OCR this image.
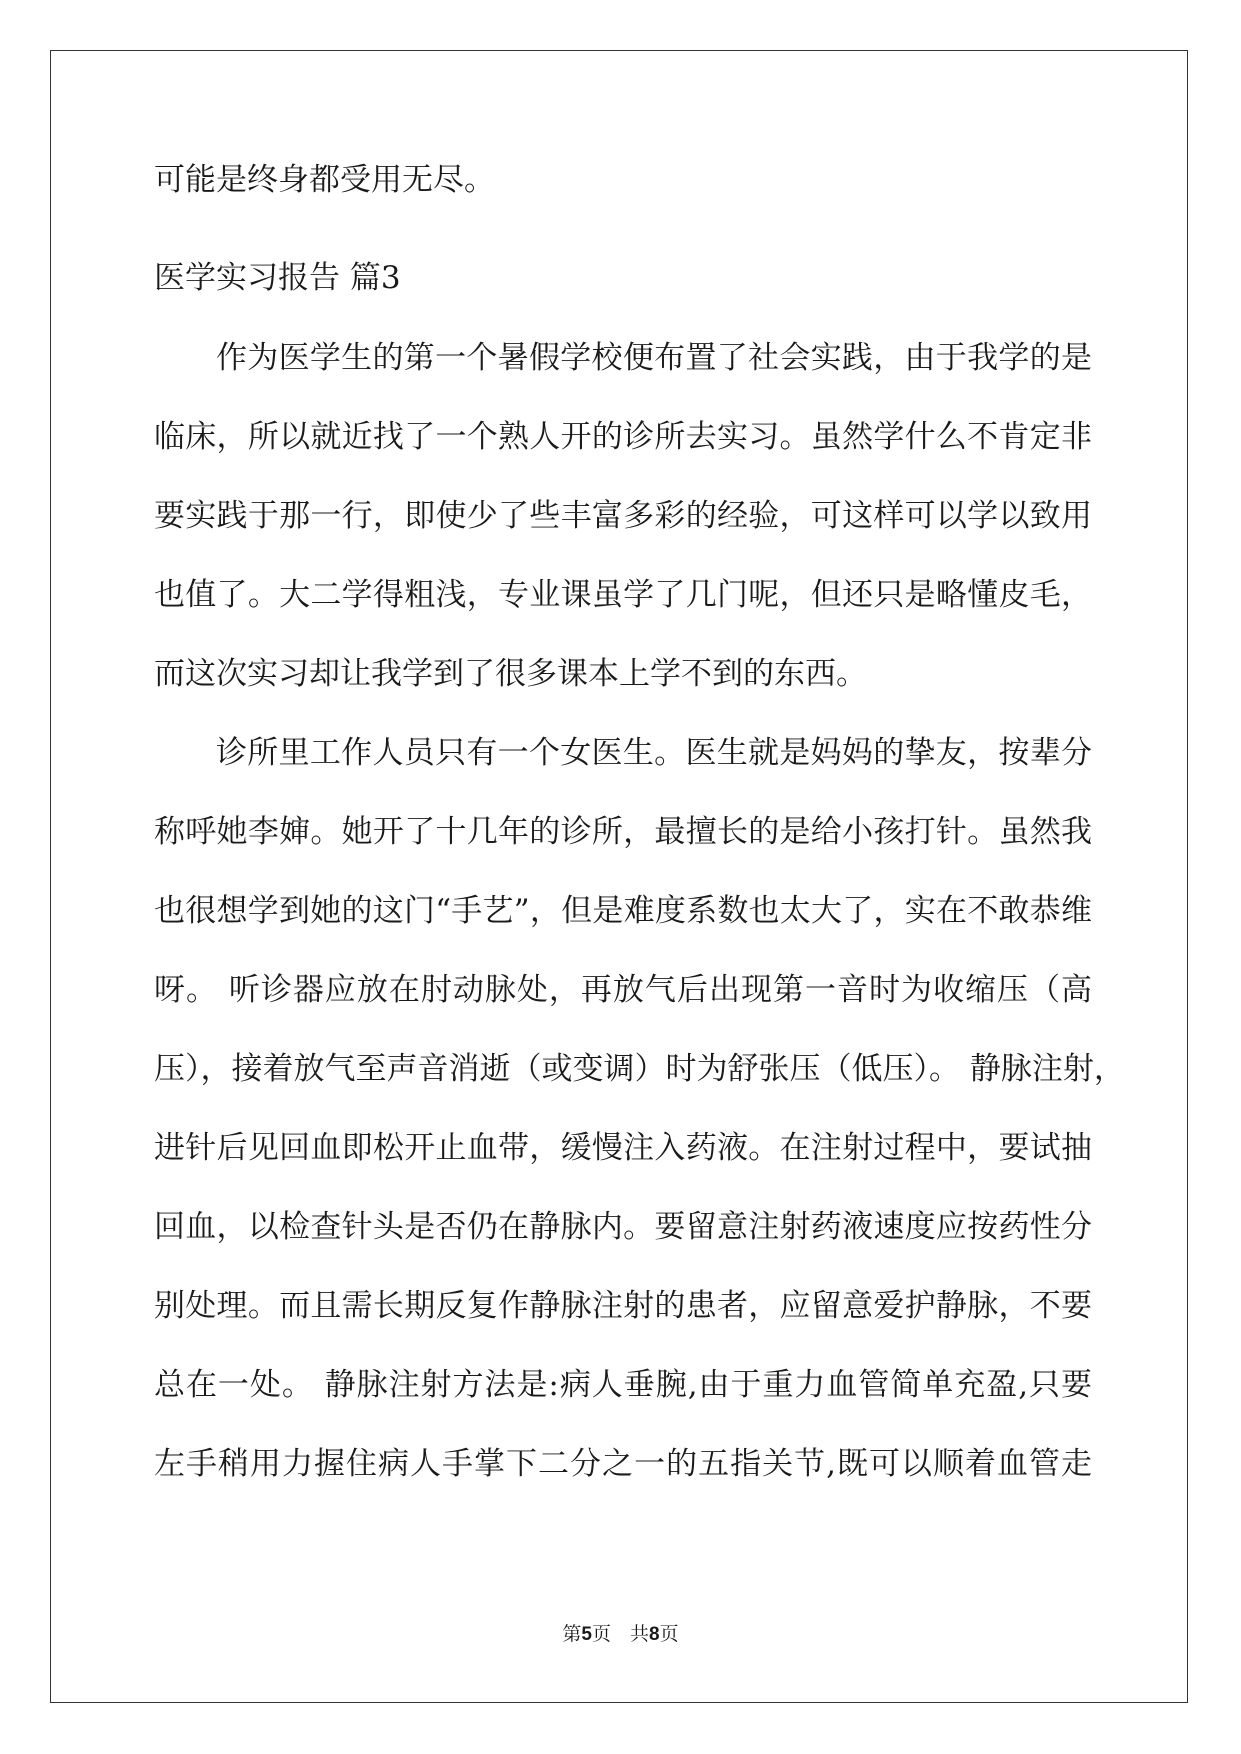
可能是终身都受用无尽。

医学实习报告 篇3

作为医学生的第一个暑假学校便布置了社会实践，由于我学的是

临床，所以就近找了一个熟人开的诊所去实习。虽然学什么不肯定非

要实践于那一行，即使少了些丰富多彩的经验，可这样可以学以致用

也值了。大二学得粗浅，专业课虽学了几门呢，但还只是略懂皮毛，

而这次实习却让我学到了很多课本上学不到的东西。

诊所里工作人员只有一个女医生。医生就是妈妈的挚友，按辈分

称呼她李婶。她开了十几年的诊所，最擅长的是给小孩打针。虽然我

也很想学到她的这门“手艺”，但是难度系数也太大了，实在不敢恭维

呀。 听诊器应放在肘动脉处，再放气后出现第一音时为收缩压（高

压），接着放气至声音消逝（或变调）时为舒张压（低压）。 静脉注射，

进针后见回血即松开止血带，缓慢注入药液。在注射过程中，要试抽

回血，以检查针头是否仍在静脉内。要留意注射药液速度应按药性分

别处理。而且需长期反复作静脉注射的患者，应留意爱护静脉，不要

总在一处。 静脉注射方法是:病人垂腕,由于重力血管简单充盈,只要

左手稍用力握住病人手掌下二分之一的五指关节,既可以顺着血管走

第5页　共8页
